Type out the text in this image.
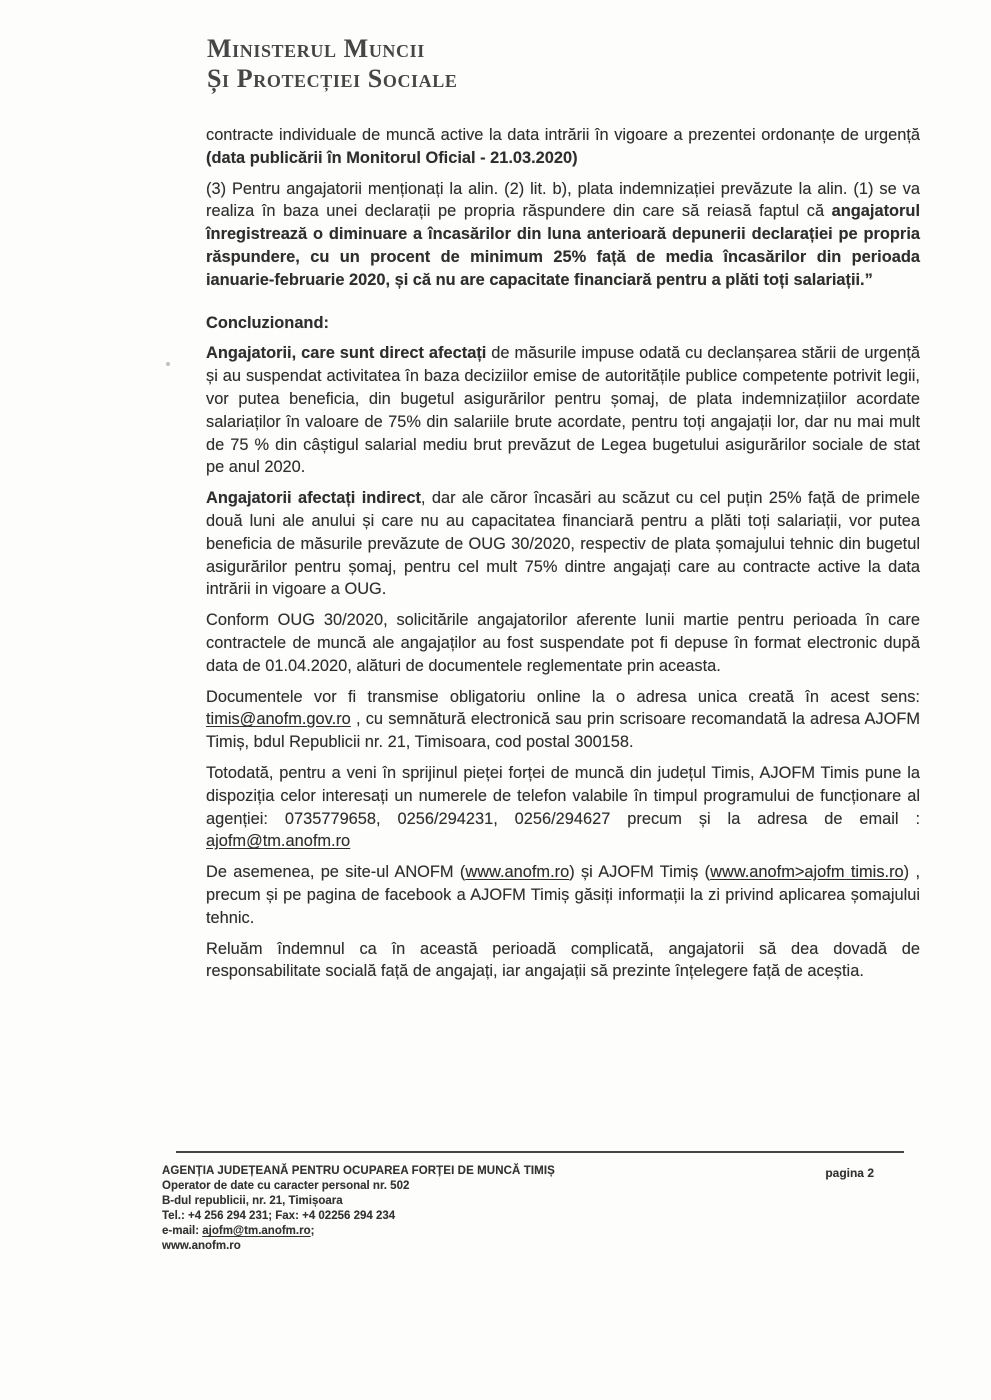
Ministerul Muncii
Și Protecției Sociale

contracte individuale de muncă active la data intrării în vigoare a prezentei ordonanțe de urgență (data publicării în Monitorul Oficial - 21.03.2020)

(3) Pentru angajatorii menționați la alin. (2) lit. b), plata indemnizației prevăzute la alin. (1) se va realiza în baza unei declarații pe propria răspundere din care să reiasă faptul că angajatorul înregistrează o diminuare a încasărilor din luna anterioară depunerii declarației pe propria răspundere, cu un procent de minimum 25% față de media încasărilor din perioada ianuarie-februarie 2020, și că nu are capacitate financiară pentru a plăti toți salariații.”

Concluzionand:

Angajatorii, care sunt direct afectați de măsurile impuse odată cu declanșarea stării de urgență și au suspendat activitatea în baza deciziilor emise de autoritățile publice competente potrivit legii, vor putea beneficia, din bugetul asigurărilor pentru șomaj, de plata indemnizațiilor acordate salariaților în valoare de 75% din salariile brute acordate, pentru toți angajații lor, dar nu mai mult de 75 % din câștigul salarial mediu brut prevăzut de Legea bugetului asigurărilor sociale de stat pe anul 2020.

Angajatorii afectați indirect, dar ale căror încasări au scăzut cu cel puțin 25% față de primele două luni ale anului și care nu au capacitatea financiară pentru a plăti toți salariații, vor putea beneficia de măsurile prevăzute de OUG 30/2020, respectiv de plata șomajului tehnic din bugetul asigurărilor pentru șomaj, pentru cel mult 75% dintre angajați care au contracte active la data intrării in vigoare a OUG.

Conform OUG 30/2020, solicitările angajatorilor aferente lunii martie pentru perioada în care contractele de muncă ale angajaților au fost suspendate pot fi depuse în format electronic după data de 01.04.2020, alături de documentele reglementate prin aceasta.

Documentele vor fi transmise obligatoriu online la o adresa unica creată în acest sens: timis@anofm.gov.ro , cu semnătură electronică sau prin scrisoare recomandată la adresa AJOFM Timiș, bdul Republicii nr. 21, Timisoara, cod postal 300158.

Totodată, pentru a veni în sprijinul pieței forței de muncă din județul Timis, AJOFM Timis pune la dispoziția celor interesați un numerele de telefon valabile în timpul programului de funcționare al agenției: 0735779658, 0256/294231, 0256/294627 precum și la adresa de email : ajofm@tm.anofm.ro

De asemenea, pe site-ul ANOFM (www.anofm.ro) și AJOFM Timiș (www.anofm>ajofm timis.ro) , precum și pe pagina de facebook a AJOFM Timiș găsiți informații la zi privind aplicarea șomajului tehnic.

Reluăm îndemnul ca în această perioadă complicată, angajatorii să dea dovadă de responsabilitate socială față de angajați, iar angajații să prezinte înțelegere față de aceștia.

AGENȚIA JUDEȚEANĂ PENTRU OCUPAREA FORȚEI DE MUNCĂ TIMIȘ
Operator de date cu caracter personal nr. 502
B-dul republicii, nr. 21, Timișoara
Tel.: +4 256 294 231; Fax: +4 02256 294 234
e-mail: ajofm@tm.anofm.ro;
www.anofm.ro
pagina 2
